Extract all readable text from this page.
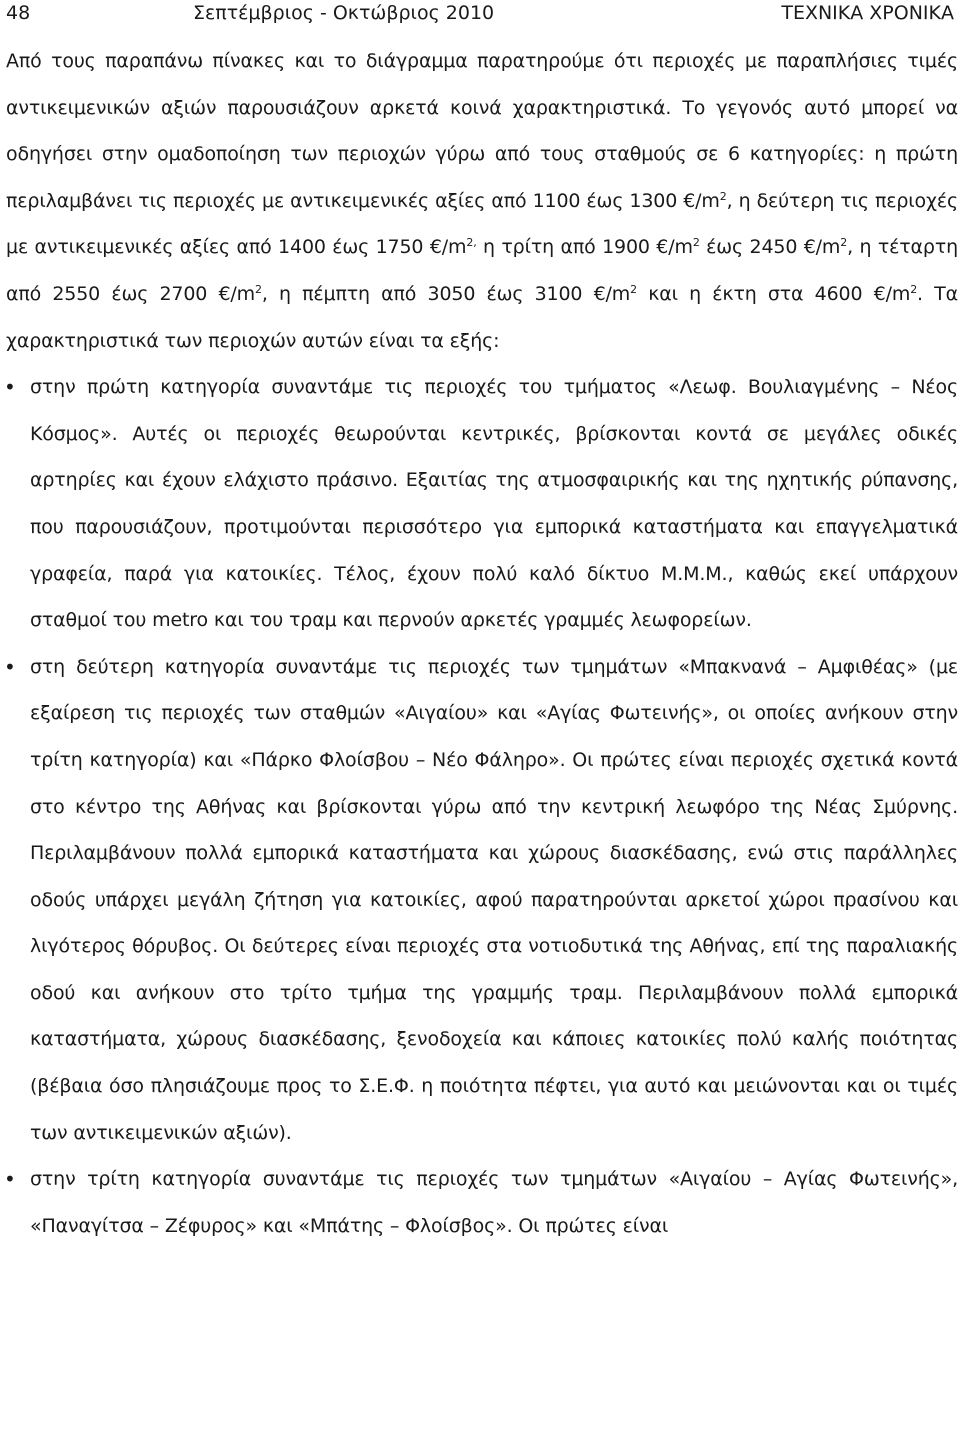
48	Σεπτέμβριος - Οκτώβριος 2010	ΤΕΧΝΙΚΑ ΧΡΟΝΙΚΑ

Από τους παραπάνω πίνακες και το διάγραμμα παρατηρούμε ότι περιοχές με παραπλήσιες τιμές αντικειμενικών αξιών παρουσιάζουν αρκετά κοινά χαρακτηριστικά. Το γεγονός αυτό μπορεί να οδηγήσει στην ομαδοποίηση των περιοχών γύρω από τους σταθμούς σε 6 κατηγορίες: η πρώτη περιλαμβάνει τις περιοχές με αντικειμενικές αξίες από 1100 έως 1300 $€/m^2$, η δεύτερη τις περιοχές με αντικειμενικές αξίες από 1400 έως 1750 $€/m^{2,}$ η τρίτη από 1900 $€/m^2$ έως 2450 $€/m^2$, η τέταρτη από 2550 έως 2700 $€/m^2$, η πέμπτη από 3050 έως 3100 $€/m^2$ και η έκτη στα 4600 $€/m^2$. Τα χαρακτηριστικά των περιοχών αυτών είναι τα εξής:

• στην πρώτη κατηγορία συναντάμε τις περιοχές του τμήματος «Λεωφ. Βουλιαγμένης – Νέος Κόσμος». Αυτές οι περιοχές θεωρούνται κεντρικές, βρίσκονται κοντά σε μεγάλες οδικές αρτηρίες και έχουν ελάχιστο πράσινο. Εξαιτίας της ατμοσφαιρικής και της ηχητικής ρύπανσης, που παρουσιάζουν, προτιμούνται περισσότερο για εμπορικά καταστήματα και επαγγελματικά γραφεία, παρά για κατοικίες. Τέλος, έχουν πολύ καλό δίκτυο Μ.Μ.Μ., καθώς εκεί υπάρχουν σταθμοί του metro και του τραμ και περνούν αρκετές γραμμές λεωφορείων.
• στη δεύτερη κατηγορία συναντάμε τις περιοχές των τμημάτων «Μπακνανά – Αμφιθέας» (με εξαίρεση τις περιοχές των σταθμών «Αιγαίου» και «Αγίας Φωτεινής», οι οποίες ανήκουν στην τρίτη κατηγορία) και «Πάρκο Φλοίσβου – Νέο Φάληρο». Οι πρώτες είναι περιοχές σχετικά κοντά στο κέντρο της Αθήνας και βρίσκονται γύρω από την κεντρική λεωφόρο της Νέας Σμύρνης. Περιλαμβάνουν πολλά εμπορικά καταστήματα και χώρους διασκέδασης, ενώ στις παράλληλες οδούς υπάρχει μεγάλη ζήτηση για κατοικίες, αφού παρατηρούνται αρκετοί χώροι πρασίνου και λιγότερος θόρυβος. Οι δεύτερες είναι περιοχές στα νοτιοδυτικά της Αθήνας, επί της παραλιακής οδού και ανήκουν στο τρίτο τμήμα της γραμμής τραμ. Περιλαμβάνουν πολλά εμπορικά καταστήματα, χώρους διασκέδασης, ξενοδοχεία και κάποιες κατοικίες πολύ καλής ποιότητας (βέβαια όσο πλησιάζουμε προς το Σ.Ε.Φ. η ποιότητα πέφτει, για αυτό και μειώνονται και οι τιμές των αντικειμενικών αξιών).
• στην τρίτη κατηγορία συναντάμε τις περιοχές των τμημάτων «Αιγαίου – Αγίας Φωτεινής», «Παναγίτσα – Ζέφυρος» και «Μπάτης – Φλοίσβος». Οι πρώτες είναι
